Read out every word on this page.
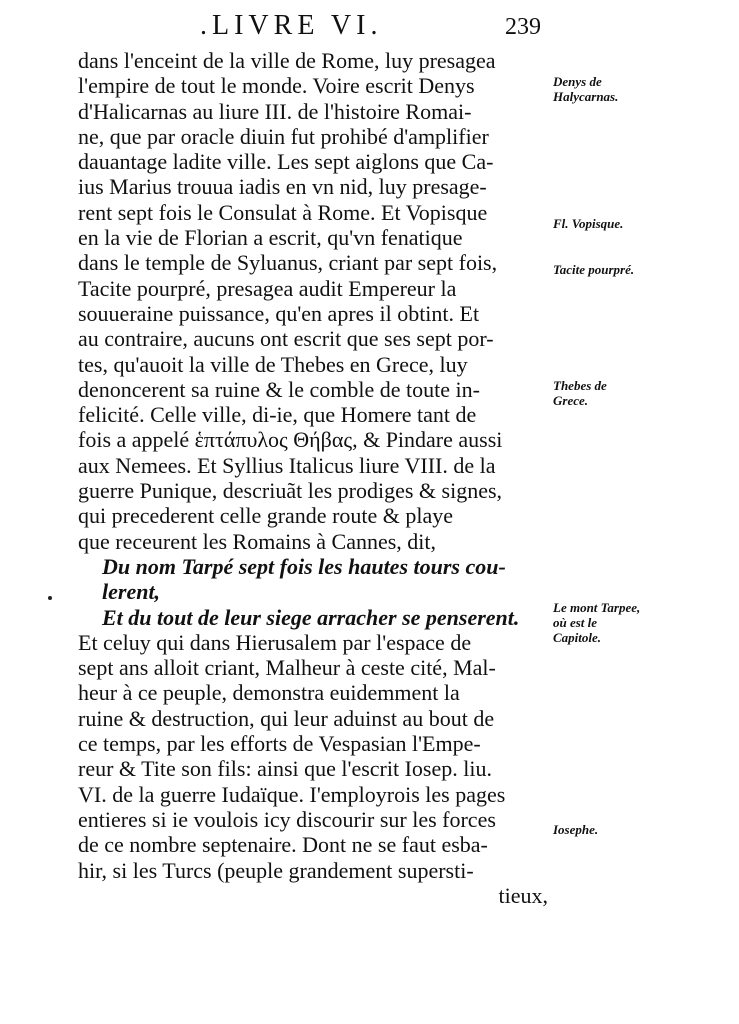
.LIVRE VI.	239
dans l'enceint de la ville de Rome, luy presagea
l'empire de tout le monde. Voire escrit Denys
d'Halicarnas au liure III. de l'histoire Romai-
ne, que par oracle diuin fut prohibé d'amplifier
dauantage ladite ville. Les sept aiglons que Ca-
ius Marius trouua iadis en vn nid, luy presage-
rent sept fois le Consulat à Rome. Et Vopisque
en la vie de Florian a escrit, qu'vn fenatique
dans le temple de Syluanus, criant par sept fois,
Tacite pourpré, presagea audit Empereur la
souueraine puissance, qu'en apres il obtint. Et
au contraire, aucuns ont escrit que ses sept por-
tes, qu'auoit la ville de Thebes en Grece, luy
denoncerent sa ruine & le comble de toute in-
felicité. Celle ville, di-ie, que Homere tant de
fois a appelé ἑπτάπυλος Θήβας, & Pindare aussi
aux Nemees. Et Syllius Italicus liure VIII. de la
guerre Punique, descriuãt les prodiges & signes,
qui precederent celle grande route & playe
que receurent les Romains à Cannes, dit,
Du nom Tarpé sept fois les hautes tours cou-
lerent,
Et du tout de leur siege arracher se penserent.
Et celuy qui dans Hierusalem par l'espace de
sept ans alloit criant, Malheur à ceste cité, Mal-
heur à ce peuple, demonstra euidemment la
ruine & destruction, qui leur aduinst au bout de
ce temps, par les efforts de Vespasian l'Empe-
reur & Tite son fils: ainsi que l'escrit Iosep. liu.
VI. de la guerre Iudaïque. I'employrois les pages
entieres si ie voulois icy discourir sur les forces
de ce nombre septenaire. Dont ne se faut esba-
hir, si les Turcs (peuple grandement supersti-
tieux,
Denys de Halycarnas.
Fl. Vopisque.
Tacite pourpré.
Thebes de Grece.
Le mont Tarpee, où est le Capitole.
Iosephe.
